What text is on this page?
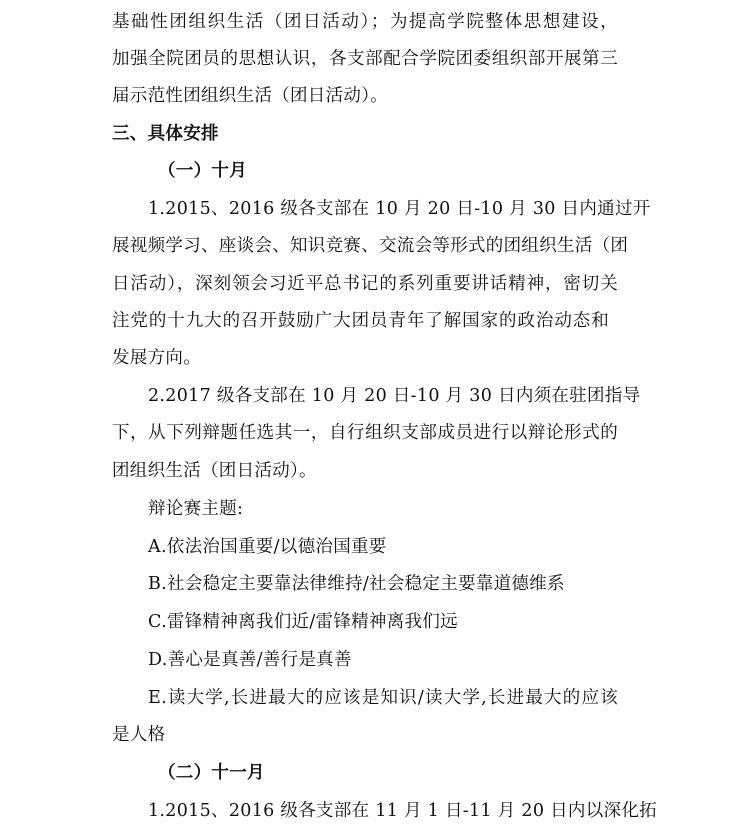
基础性团组织生活（团日活动）；为提高学院整体思想建设，
加强全院团员的思想认识，各支部配合学院团委组织部开展第三
届示范性团组织生活（团日活动）。
三、具体安排
（一）十月
1.2015、2016 级各支部在 10 月 20 日-10 月 30 日内通过开
展视频学习、座谈会、知识竞赛、交流会等形式的团组织生活（团
日活动），深刻领会习近平总书记的系列重要讲话精神，密切关
注党的十九大的召开鼓励广大团员青年了解国家的政治动态和
发展方向。
2.2017 级各支部在 10 月 20 日-10 月 30 日内须在驻团指导
下，从下列辩题任选其一，自行组织支部成员进行以辩论形式的
团组织生活（团日活动）。
辩论赛主题:
A.依法治国重要/以德治国重要
B.社会稳定主要靠法律维持/社会稳定主要靠道德维系
C.雷锋精神离我们近/雷锋精神离我们远
D.善心是真善/善行是真善
E.读大学,长进最大的应该是知识/读大学,长进最大的应该
是人格
（二）十一月
1.2015、2016 级各支部在 11 月 1 日-11 月 20 日内以深化拓
